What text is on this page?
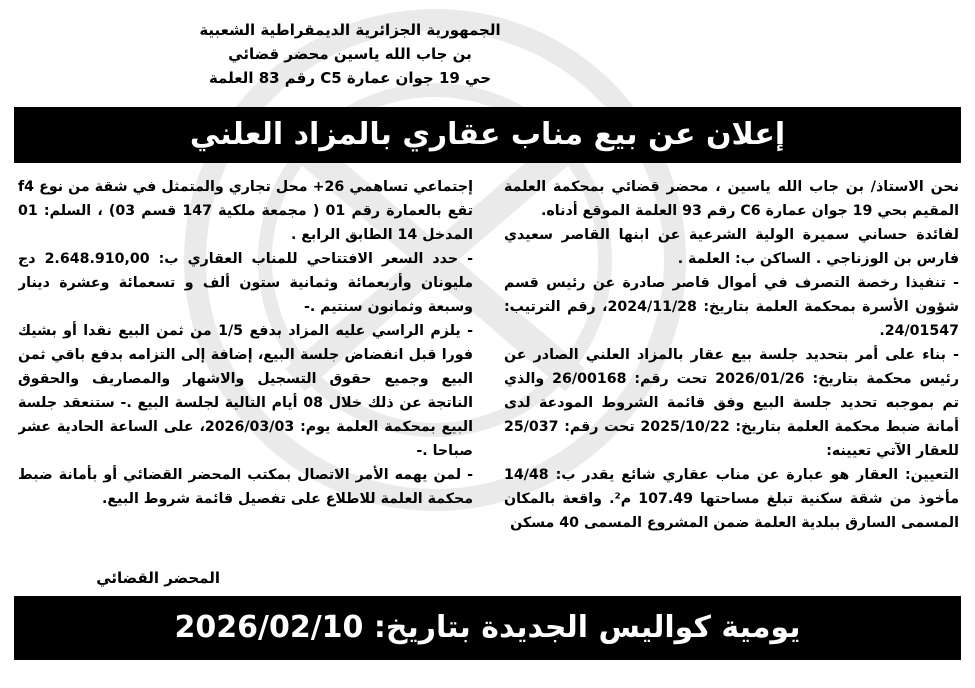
الجمهورية الجزائرية الديمقراطية الشعبية
بن جاب الله ياسين محضر قضائي
حي 19 جوان عمارة C5 رقم 83 العلمة
إعلان عن بيع مناب عقاري بالمزاد العلني

نحن الاستاذ/ بن جاب الله ياسين ، محضر قضائي بمحكمة العلمة المقيم بحي 19 جوان عمارة C6 رقم 93 العلمة الموقع أدناه.

لفائدة حساني سميرة الولية الشرعية عن ابنها القاصر سعيدي فارس بن الوزناجي . الساكن ب: العلمة .

- تنفيذا رخصة التصرف في أموال قاصر صادرة عن رئيس قسم شؤون الأسرة بمحكمة العلمة بتاريخ: 2024/11/28، رقم الترتيب: 24/01547.

- بناء على أمر بتحديد جلسة بيع عقار بالمزاد العلني الصادر عن رئيس محكمة بتاريخ: 2026/01/26 تحت رقم: 26/00168 والذي تم بموجبه تحديد جلسة البيع وفق قائمة الشروط المودعة لدى أمانة ضبط محكمة العلمة بتاريخ: 2025/10/22 تحت رقم: 25/037 للعقار الآتي تعيينه:

التعيين: العقار هو عبارة عن مناب عقاري شائع يقدر ب: 14/48 مأخوذ من شقة سكنية تبلغ مساحتها 107.49 م². واقعة بالمكان المسمى السارق ببلدية العلمة ضمن المشروع المسمى 40 مسكن

إجتماعي تساهمي 26+ محل تجاري والمتمثل في شقة من نوع f4 تقع بالعمارة رقم 01 ( مجمعة ملكية 147 قسم 03) ، السلم: 01 المدخل 14 الطابق الرابع .

- حدد السعر الافتتاحي للمناب العقاري ب: 2.648.910,00 دج مليونان وأربعمائة وثمانية ستون ألف و تسعمائة وعشرة دينار وسبعة وثمانون سنتيم .-

- يلزم الراسي عليه المزاد بدفع 1/5 من ثمن البيع نقدا أو بشيك فورا قبل انفضاض جلسة البيع، إضافة إلى التزامه بدفع باقي ثمن البيع وجميع حقوق التسجيل والاشهار والمصاريف والحقوق الناتجة عن ذلك خلال 08 أيام التالية لجلسة البيع .- ستنعقد جلسة البيع بمحكمة العلمة يوم: 2026/03/03، على الساعة الحادية عشر صباحا .-

- لمن يهمه الأمر الاتصال بمكتب المحضر القضائي أو بأمانة ضبط محكمة العلمة للاطلاع على تفصيل قائمة شروط البيع.

المحضر القضائي
يومية كواليس الجديدة بتاريخ: 2026/02/10
